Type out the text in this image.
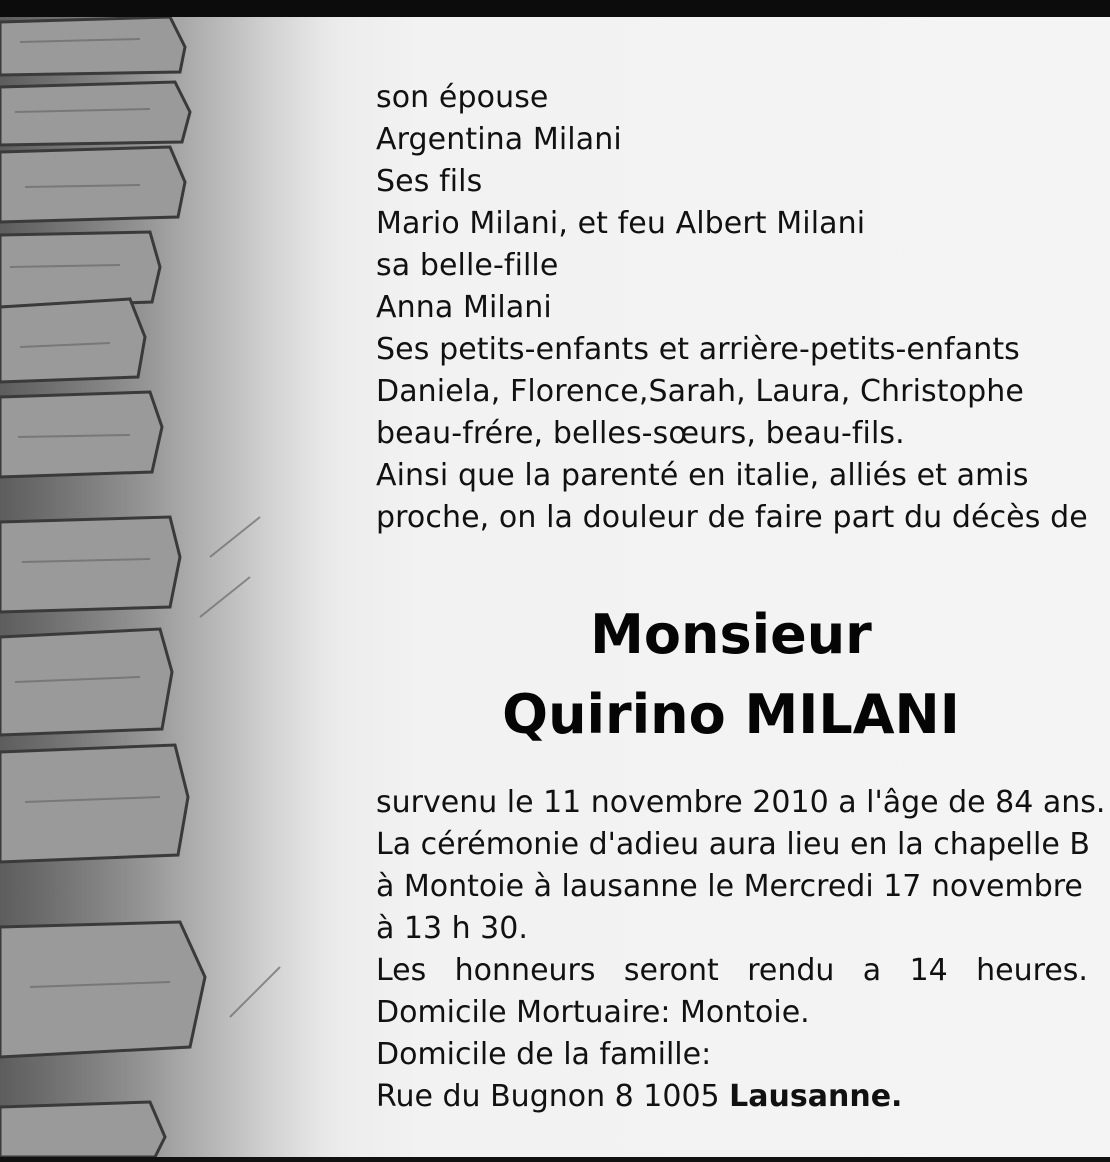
son épouse
Argentina Milani
Ses fils
Mario Milani, et feu Albert Milani
sa belle-fille
Anna Milani
Ses petits-enfants et arrière-petits-enfants
Daniela, Florence,Sarah, Laura, Christophe
beau-frére, belles-sœurs, beau-fils.
Ainsi que la parenté en italie, alliés et amis
proche, on la douleur de faire part du décès de
Monsieur
Quirino MILANI
survenu le 11 novembre 2010 a l'âge de 84 ans.
La cérémonie d'adieu aura lieu en la chapelle B
à Montoie à lausanne le Mercredi 17 novembre
à 13 h 30.
Les honneurs seront rendu a 14 heures.
Domicile Mortuaire: Montoie.
Domicile de la famille:
Rue du Bugnon 8 1005 Lausanne.
